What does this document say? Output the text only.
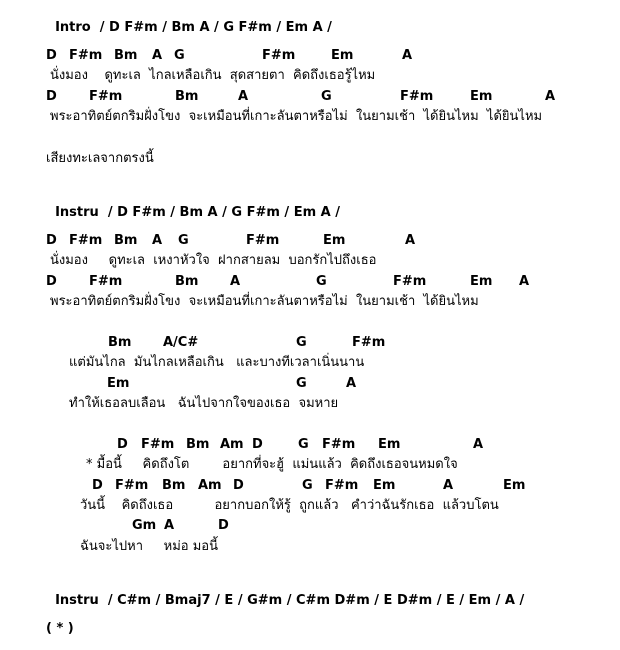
Intro / D F#m / Bm A / G F#m / Em A /

D F#m Bm A G	F#m	Em	A
นั่งมอง    ดูทะเล  ไกลเหลือเกิน  สุดสายตา  คิดถึงเธอรู้ไหม
D F#m	Bm	A	G	F#m	Em	A
พระอาทิตย์ตกริมฝั่งโขง  จะเหมือนที่เกาะลันตาหรือไม่  ในยามเช้า  ได้ยินไหม  ได้ยินไหม
เสียงทะเลจากตรงนี้

Instru / D F#m / Bm A / G F#m / Em A /

D F#m Bm A G	F#m	Em	A
นั่งมอง     ดูทะเล  เหงาหัวใจ  ฝากสายลม  บอกรักไปถึงเธอ
D F#m	Bm A	G	F#m	Em A
พระอาทิตย์ตกริมฝั่งโขง  จะเหมือนที่เกาะลันตาหรือไม่  ในยามเช้า  ได้ยินไหม
Bm A/C#	G	F#m
แต่มันไกล  มันไกลเหลือเกิน   และบางทีเวลาเนิ่นนาน
Em	G	A
ทำให้เธอลบเลือน   ฉันไปจากใจของเธอ  จมหาย
D F#m Bm Am D	G F#m Em	A
* มื้อนี้     คิดถึงโต        อยากที่จะฮู้  แม่นแล้ว  คิดถึงเธอจนหมดใจ
D F#m Bm Am D	G F#m Em	A	Em
วันนี้    คิดถึงเธอ          อยากบอกให้รู้  ถูกแล้ว   คำว่าฉันรักเธอ  แล้วบโตน
Gm A	D
ฉันจะไปหา     หม่อ มอนี้

Instru / C#m / Bmaj7 / E / G#m / C#m D#m / E D#m / E / Em / A /

( * )
